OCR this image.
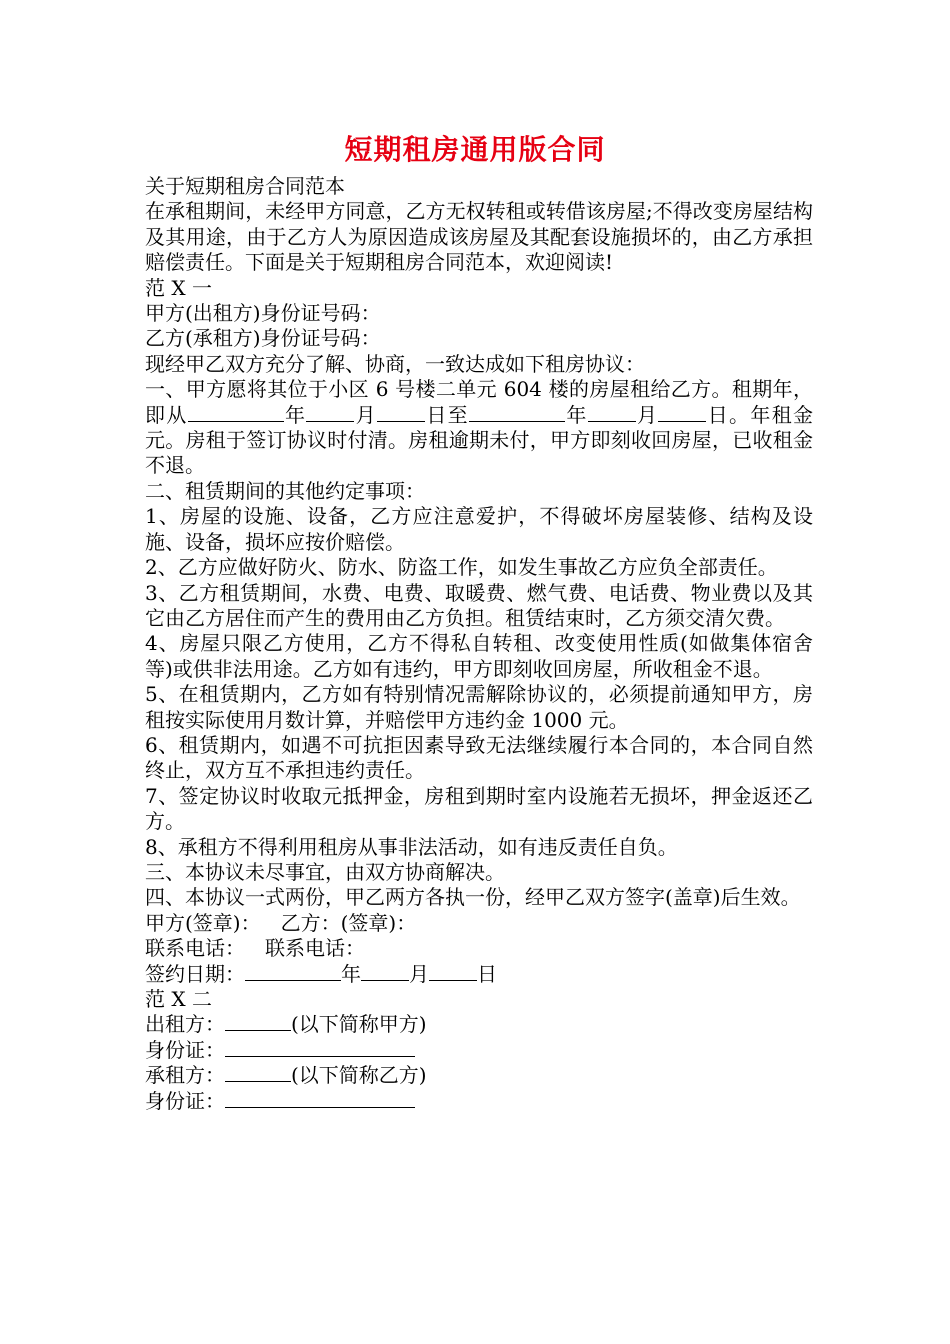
短期租房通用版合同

关于短期租房合同范本

在承租期间，未经甲方同意，乙方无权转租或转借该房屋;不得改变房屋结构及其用途，由于乙方人为原因造成该房屋及其配套设施损坏的，由乙方承担赔偿责任。下面是关于短期租房合同范本，欢迎阅读!

范 X 一

甲方(出租方)身份证号码：

乙方(承租方)身份证号码：

现经甲乙双方充分了解、协商，一致达成如下租房协议：

一、甲方愿将其位于小区 6 号楼二单元 604 楼的房屋租给乙方。租期年，即从	年 月 日至	年 月 日。年租金元。房租于签订协议时付清。房租逾期未付，甲方即刻收回房屋，已收租金不退。

二、租赁期间的其他约定事项：

1、房屋的设施、设备，乙方应注意爱护，不得破坏房屋装修、结构及设施、设备，损坏应按价赔偿。

2、乙方应做好防火、防水、防盗工作，如发生事故乙方应负全部责任。

3、乙方租赁期间，水费、电费、取暖费、燃气费、电话费、物业费以及其它由乙方居住而产生的费用由乙方负担。租赁结束时，乙方须交清欠费。

4、房屋只限乙方使用，乙方不得私自转租、改变使用性质(如做集体宿舍等)或供非法用途。乙方如有违约，甲方即刻收回房屋，所收租金不退。

5、在租赁期内，乙方如有特别情况需解除协议的，必须提前通知甲方，房租按实际使用月数计算，并赔偿甲方违约金 1000 元。

6、租赁期内，如遇不可抗拒因素导致无法继续履行本合同的，本合同自然终止，双方互不承担违约责任。

7、签定协议时收取元抵押金，房租到期时室内设施若无损坏，押金返还乙方。

8、承租方不得利用租房从事非法活动，如有违反责任自负。

三、本协议未尽事宜，由双方协商解决。

四、本协议一式两份，甲乙两方各执一份，经甲乙双方签字(盖章)后生效。

甲方(签章)： 乙方：(签章)：

联系电话： 联系电话：

签约日期：	年 月 日

范 X 二

出租方：	(以下简称甲方)

身份证：

承租方：	(以下简称乙方)

身份证：
